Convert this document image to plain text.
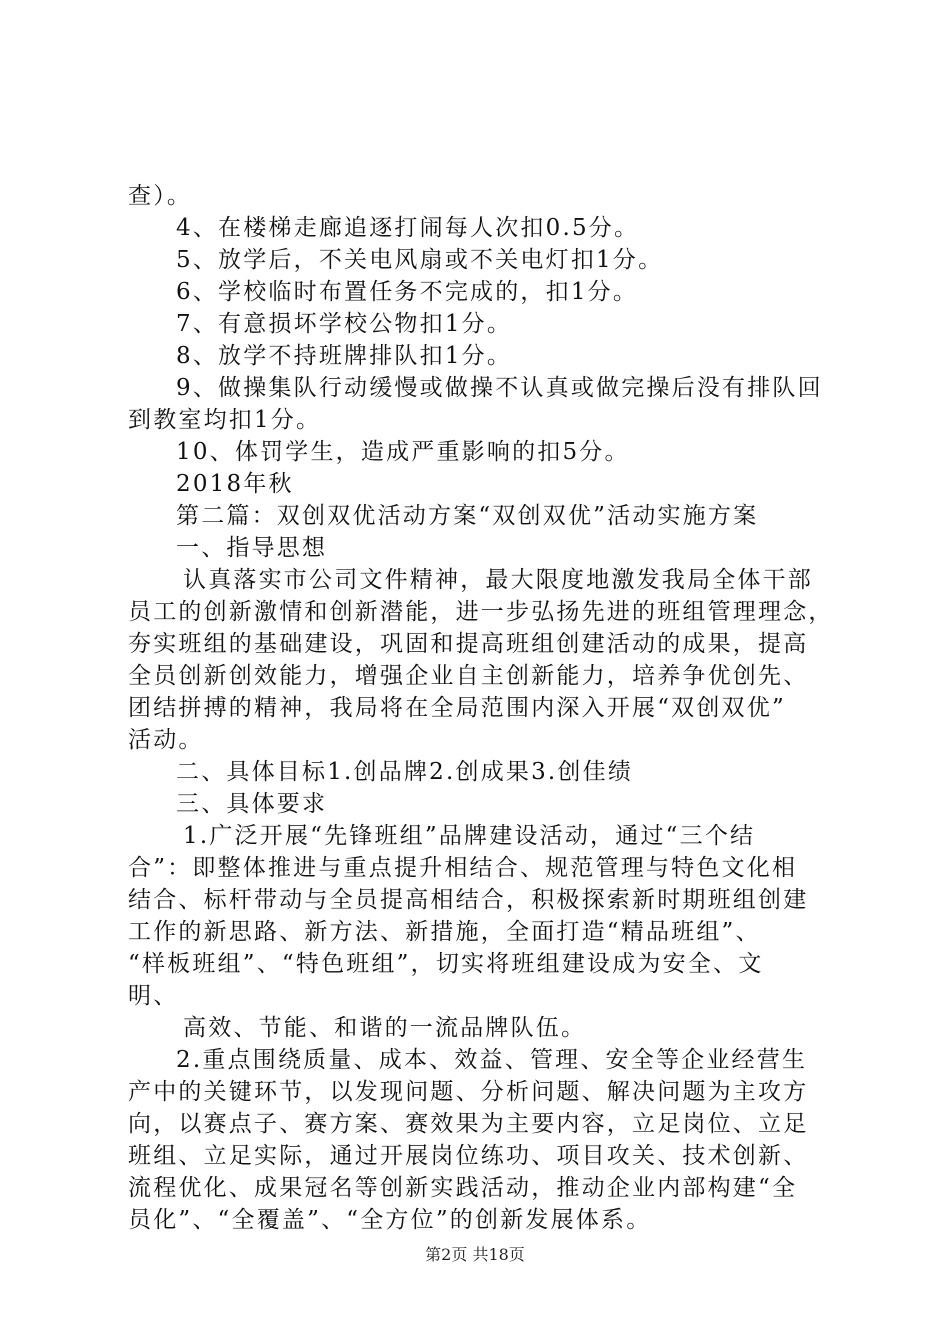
查）。
4、在楼梯走廊追逐打闹每人次扣0.5分。
5、放学后，不关电风扇或不关电灯扣1分。
6、学校临时布置任务不完成的，扣1分。
7、有意损坏学校公物扣1分。
8、放学不持班牌排队扣1分。
9、做操集队行动缓慢或做操不认真或做完操后没有排队回
到教室均扣1分。
10、体罚学生，造成严重影响的扣5分。
2018年秋
第二篇：双创双优活动方案“双创双优”活动实施方案
一、指导思想
认真落实市公司文件精神，最大限度地激发我局全体干部
员工的创新激情和创新潜能，进一步弘扬先进的班组管理理念，
夯实班组的基础建设，巩固和提高班组创建活动的成果，提高
全员创新创效能力，增强企业自主创新能力，培养争优创先、
团结拼搏的精神，我局将在全局范围内深入开展“双创双优”
活动。
二、具体目标1.创品牌2.创成果3.创佳绩
三、具体要求
1.广泛开展“先锋班组”品牌建设活动，通过“三个结
合”：即整体推进与重点提升相结合、规范管理与特色文化相
结合、标杆带动与全员提高相结合，积极探索新时期班组创建
工作的新思路、新方法、新措施，全面打造“精品班组”、
“样板班组”、“特色班组”，切实将班组建设成为安全、文
明、
高效、节能、和谐的一流品牌队伍。
2.重点围绕质量、成本、效益、管理、安全等企业经营生
产中的关键环节，以发现问题、分析问题、解决问题为主攻方
向，以赛点子、赛方案、赛效果为主要内容，立足岗位、立足
班组、立足实际，通过开展岗位练功、项目攻关、技术创新、
流程优化、成果冠名等创新实践活动，推动企业内部构建“全
员化”、“全覆盖”、“全方位”的创新发展体系。
第2页 共18页
